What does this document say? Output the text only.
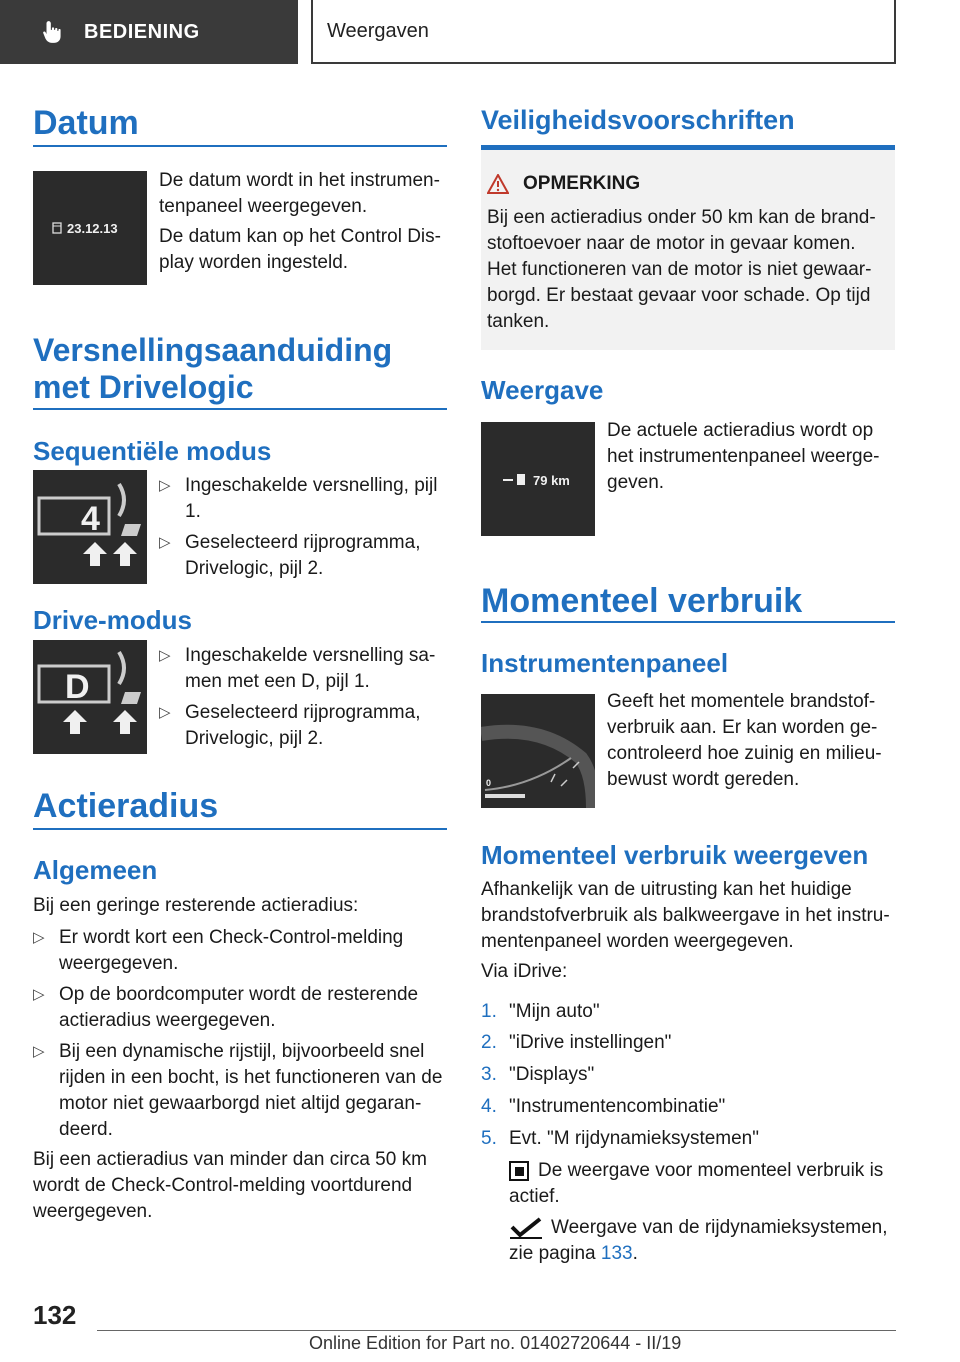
BEDIENING	Weergaven
Datum
23.12.13
De datum wordt in het instrumen-tenpaneel weergegeven.
De datum kan op het Control Dis-play worden ingesteld.
Versnellingsaanduiding
met Drivelogic
Sequentiële modus
4
1	2
▷ Ingeschakelde versnelling, pijl 1.
▷ Geselecteerd rijprogramma, Drivelogic, pijl 2.
Drive-modus
D
1	2
▷ Ingeschakelde versnelling sa-men met een D, pijl 1.
▷ Geselecteerd rijprogramma, Drivelogic, pijl 2.
Actieradius
Algemeen
Bij een geringe resterende actieradius:
▷ Er wordt kort een Check-Control-melding weergegeven.
▷ Op de boordcomputer wordt de resterende actieradius weergegeven.
▷ Bij een dynamische rijstijl, bijvoorbeeld snel rijden in een bocht, is het functioneren van de motor niet gewaarborgd niet altijd gegaran-deerd.
Bij een actieradius van minder dan circa 50 km wordt de Check-Control-melding voortdurend weergegeven.
Veiligheidsvoorschriften
OPMERKING
Bij een actieradius onder 50 km kan de brand-stoftoevoer naar de motor in gevaar komen. Het functioneren van de motor is niet gewaar-borgd. Er bestaat gevaar voor schade. Op tijd tanken.
Weergave
79 km
De actuele actieradius wordt op het instrumentenpaneel weerge-geven.
Momenteel verbruik
Instrumentenpaneel
0
Geeft het momentele brandstof-verbruik aan. Er kan worden ge-controleerd hoe zuinig en milieu-bewust wordt gereden.
Momenteel verbruik weergeven
Afhankelijk van de uitrusting kan het huidige brandstofverbruik als balkweergave in het instru-mentenpaneel worden weergegeven.
Via iDrive:
1. "Mijn auto"
2. "iDrive instellingen"
3. "Displays"
4. "Instrumentencombinatie"
5. Evt. "M rijdynamieksystemen"
De weergave voor momenteel verbruik is actief.
Weergave van de rijdynamieksystemen, zie pagina 133.
132
Online Edition for Part no. 01402720644 - II/19
